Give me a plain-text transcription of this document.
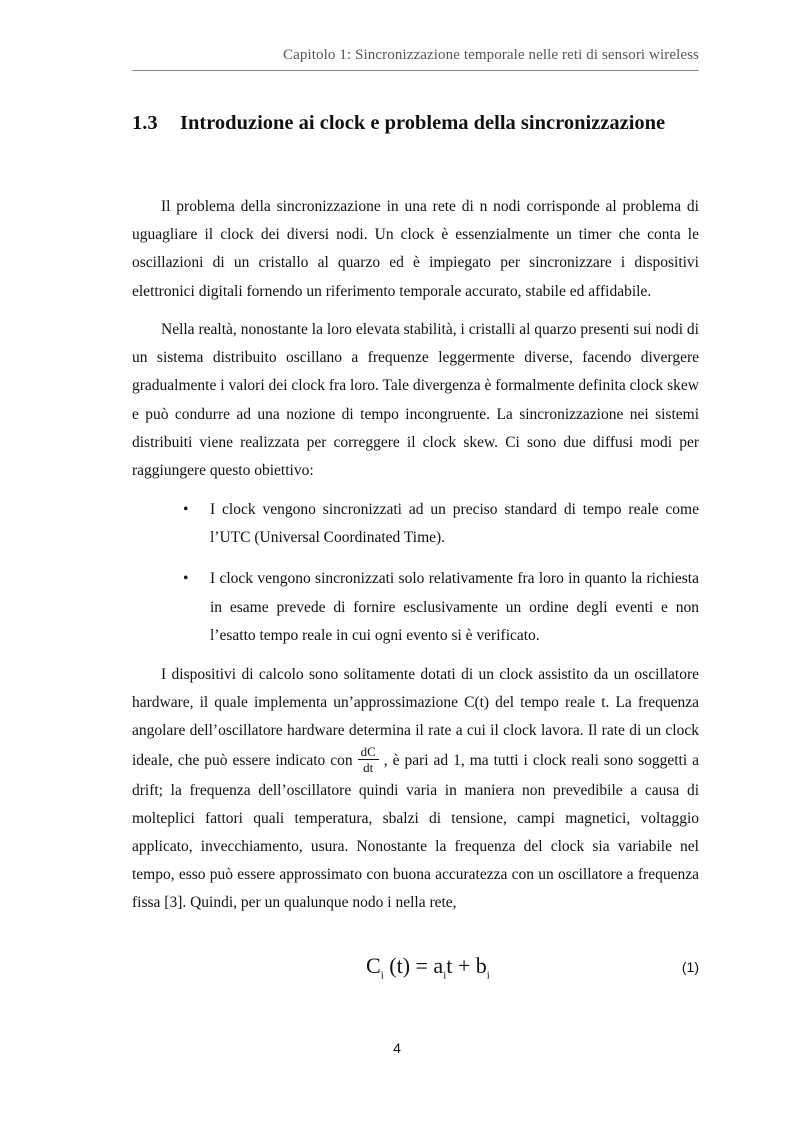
Capitolo 1: Sincronizzazione temporale nelle reti di sensori wireless
1.3 Introduzione ai clock e problema della sincronizzazione

Il problema della sincronizzazione in una rete di n nodi corrisponde al problema di uguagliare il clock dei diversi nodi. Un clock è essenzialmente un timer che conta le oscillazioni di un cristallo al quarzo ed è impiegato per sincronizzare i dispositivi elettronici digitali fornendo un riferimento temporale accurato, stabile ed affidabile.

Nella realtà, nonostante la loro elevata stabilità, i cristalli al quarzo presenti sui nodi di un sistema distribuito oscillano a frequenze leggermente diverse, facendo divergere gradualmente i valori dei clock fra loro. Tale divergenza è formalmente definita clock skew e può condurre ad una nozione di tempo incongruente. La sincronizzazione nei sistemi distribuiti viene realizzata per correggere il clock skew. Ci sono due diffusi modi per raggiungere questo obiettivo:

• I clock vengono sincronizzati ad un preciso standard di tempo reale come l’UTC (Universal Coordinated Time).
• I clock vengono sincronizzati solo relativamente fra loro in quanto la richiesta in esame prevede di fornire esclusivamente un ordine degli eventi e non l’esatto tempo reale in cui ogni evento si è verificato.

I dispositivi di calcolo sono solitamente dotati di un clock assistito da un oscillatore hardware, il quale implementa un’approssimazione C(t) del tempo reale t. La frequenza angolare dell’oscillatore hardware determina il rate a cui il clock lavora. Il rate di un clock ideale, che può essere indicato con $\frac{dC}{dt}$ , è pari ad 1, ma tutti i clock reali sono soggetti a drift; la frequenza dell’oscillatore quindi varia in maniera non prevedibile a causa di molteplici fattori quali temperatura, sbalzi di tensione, campi magnetici, voltaggio applicato, invecchiamento, usura. Nonostante la frequenza del clock sia variabile nel tempo, esso può essere approssimato con buona accuratezza con un oscillatore a frequenza fissa [3]. Quindi, per un qualunque nodo i nella rete,

$C_i$ $(t) = a_it + b_i$
(1)
4
